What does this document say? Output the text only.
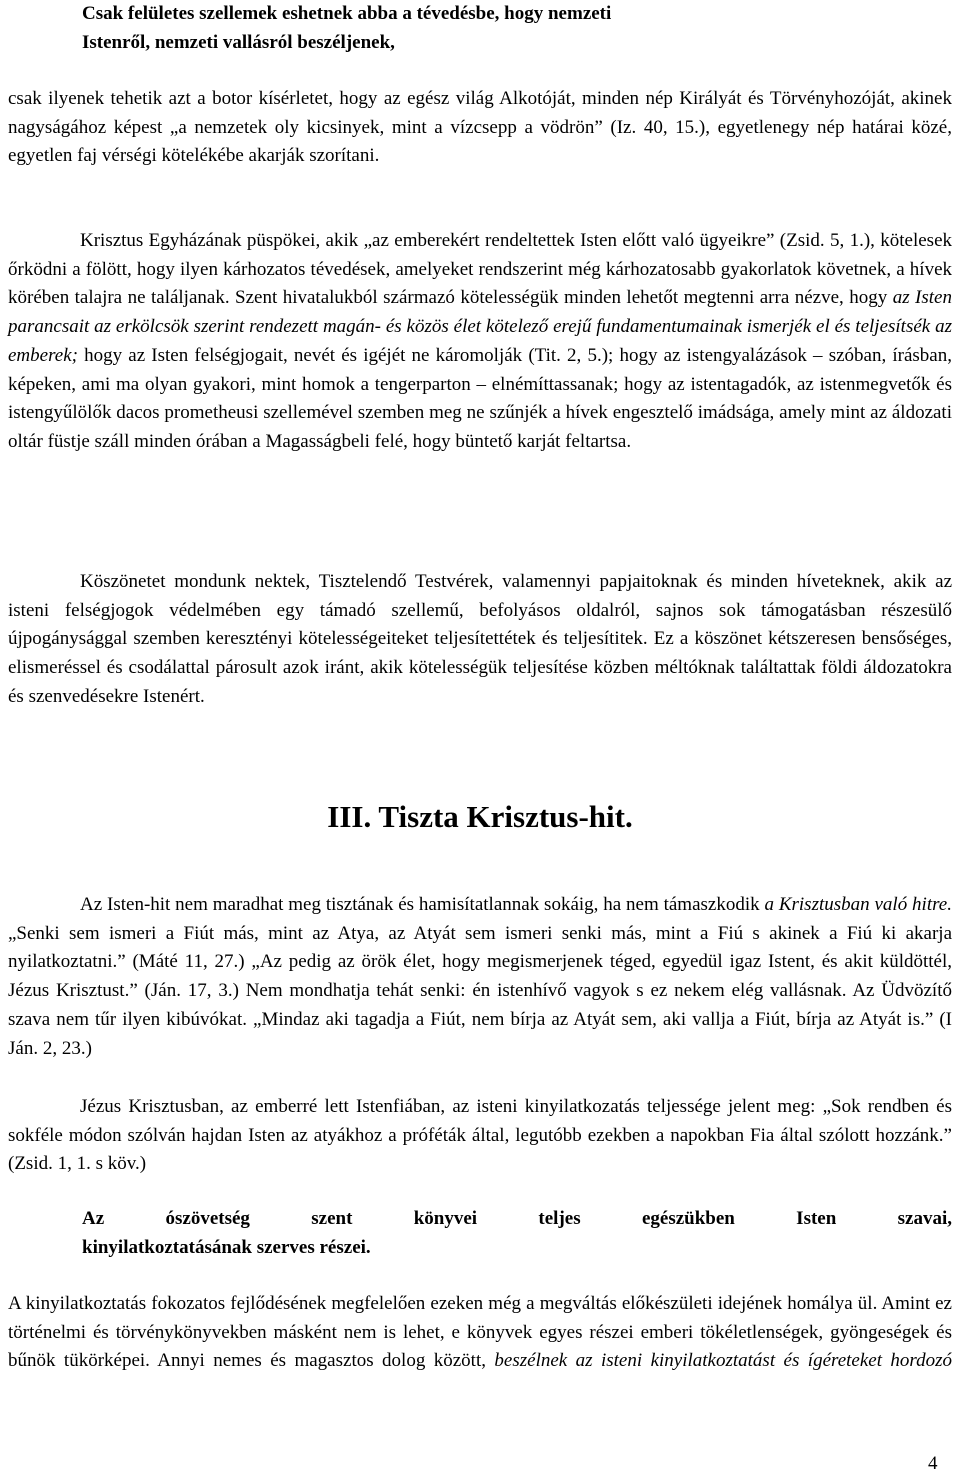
Csak felületes szellemek eshetnek abba a tévedésbe, hogy nemzeti

Istenről, nemzeti vallásról beszéljenek,

csak ilyenek tehetik azt a botor kísérletet, hogy az egész világ Alkotóját, minden nép Királyát és Törvényhozóját, akinek nagyságához képest „a nemzetek oly kicsinyek, mint a vízcsepp a vödrön” (Iz. 40, 15.), egyetlenegy nép határai közé, egyetlen faj vérségi kötelékébe akarják szorítani.

Krisztus Egyházának püspökei, akik „az emberekért rendeltettek Isten előtt való ügyeikre” (Zsid. 5, 1.), kötelesek őrködni a fölött, hogy ilyen kárhozatos tévedések, amelyeket rendszerint még kárhozatosabb gyakorlatok követnek, a hívek körében talajra ne találjanak. Szent hivatalukból származó kötelességük minden lehetőt megtenni arra nézve, hogy az Isten parancsait az erkölcsök szerint rendezett magán- és közös élet kötelező erejű fundamentumainak ismerjék el és teljesítsék az emberek; hogy az Isten felségjogait, nevét és igéjét ne káromolják (Tit. 2, 5.); hogy az istengyalázások – szóban, írásban, képeken, ami ma olyan gyakori, mint homok a tengerparton – elnémíttassanak; hogy az istentagadók, az istenmegvetők és istengyűlölők dacos prometheusi szellemével szemben meg ne szűnjék a hívek engesztelő imádsága, amely mint az áldozati oltár füstje száll minden órában a Magasságbeli felé, hogy büntető karját feltartsa.

Köszönetet mondunk nektek, Tisztelendő Testvérek, valamennyi papjaitoknak és minden híveteknek, akik az isteni felségjogok védelmében egy támadó szellemű, befolyásos oldalról, sajnos sok támogatásban részesülő újpogánysággal szemben keresztényi kötelességeiteket teljesítettétek és teljesítitek. Ez a köszönet kétszeresen bensőséges, elismeréssel és csodálattal párosult azok iránt, akik kötelességük teljesítése közben méltóknak találtattak földi áldozatokra és szenvedésekre Istenért.

III. Tiszta Krisztus-hit.

Az Isten-hit nem maradhat meg tisztának és hamisítatlannak sokáig, ha nem támaszkodik a Krisztusban való hitre. „Senki sem ismeri a Fiút más, mint az Atya, az Atyát sem ismeri senki más, mint a Fiú s akinek a Fiú ki akarja nyilatkoztatni.” (Máté 11, 27.) „Az pedig az örök élet, hogy megismerjenek téged, egyedül igaz Istent, és akit küldöttél, Jézus Krisztust.” (Ján. 17, 3.) Nem mondhatja tehát senki: én istenhívő vagyok s ez nekem elég vallásnak. Az Üdvözítő szava nem tűr ilyen kibúvókat. „Mindaz aki tagadja a Fiút, nem bírja az Atyát sem, aki vallja a Fiút, bírja az Atyát is.” (I Ján. 2, 23.)

Jézus Krisztusban, az emberré lett Istenfiában, az isteni kinyilatkozatás teljessége jelent meg: „Sok rendben és sokféle módon szólván hajdan Isten az atyákhoz a próféták által, legutóbb ezekben a napokban Fia által szólott hozzánk.” (Zsid. 1, 1. s köv.)

Az ószövetség szent könyvei teljes egészükben Isten szavai,

kinyilatkoztatásának szerves részei.

A kinyilatkoztatás fokozatos fejlődésének megfelelően ezeken még a megváltás előkészületi idejének homálya ül. Amint ez történelmi és törvénykönyvekben másként nem is lehet, e könyvek egyes részei emberi tökéletlenségek, gyöngeségek és bűnök tükörképei. Annyi nemes és magasztos dolog között, beszélnek az isteni kinyilatkoztatást és ígéreteket hordozó

4
